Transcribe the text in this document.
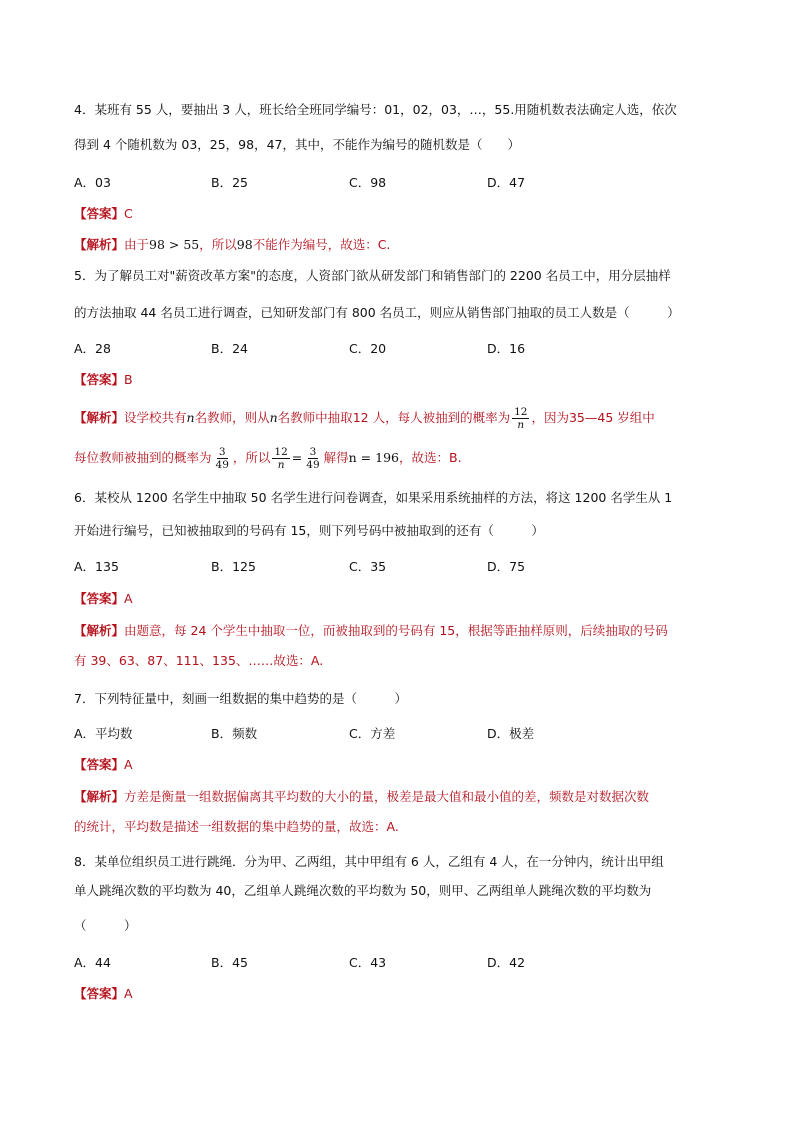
4．某班有 55 人，要抽出 3 人，班长给全班同学编号：01，02，03，…，55.用随机数表法确定人选，依次
得到 4 个随机数为 03，25，98，47，其中，不能作为编号的随机数是（　　）
A．03	B．25	C．98	D．47
【答案】C
【解析】由于98 > 55，所以98不能作为编号，故选：C.
5．为了解员工对"薪资改革方案"的态度，人资部门欲从研发部门和销售部门的 2200 名员工中，用分层抽样
的方法抽取 44 名员工进行调查，已知研发部门有 800 名员工，则应从销售部门抽取的员工人数是（　　　）
A．28	B．24	C．20	D．16
【答案】B
【解析】设学校共有n名教师，则从n名教师中抽取12 人，每人被抽到的概率为 $\frac{12}{n}$ ，因为35—45 岁组中
每位教师被抽到的概率为 $\frac{3}{49}$ ，所以 $\frac{12}{n} = \frac{3}{49}$ 解得n = 196，故选：B.
6．某校从 1200 名学生中抽取 50 名学生进行问卷调查，如果采用系统抽样的方法，将这 1200 名学生从 1
开始进行编号，已知被抽取到的号码有 15，则下列号码中被抽取到的还有（　　　）
A．135	B．125	C．35	D．75
【答案】A
【解析】由题意，每 24 个学生中抽取一位，而被抽取到的号码有 15，根据等距抽样原则，后续抽取的号码
有 39、63、87、111、135、……故选：A.
7．下列特征量中，刻画一组数据的集中趋势的是（　　　）
A．平均数	B．频数	C．方差	D．极差
【答案】A
【解析】方差是衡量一组数据偏离其平均数的大小的量，极差是最大值和最小值的差，频数是对数据次数
的统计，平均数是描述一组数据的集中趋势的量，故选：A.
8．某单位组织员工进行跳绳．分为甲、乙两组，其中甲组有 6 人，乙组有 4 人，在一分钟内，统计出甲组
单人跳绳次数的平均数为 40，乙组单人跳绳次数的平均数为 50，则甲、乙两组单人跳绳次数的平均数为
（　　　）
A．44	B．45	C．43	D．42
【答案】A
